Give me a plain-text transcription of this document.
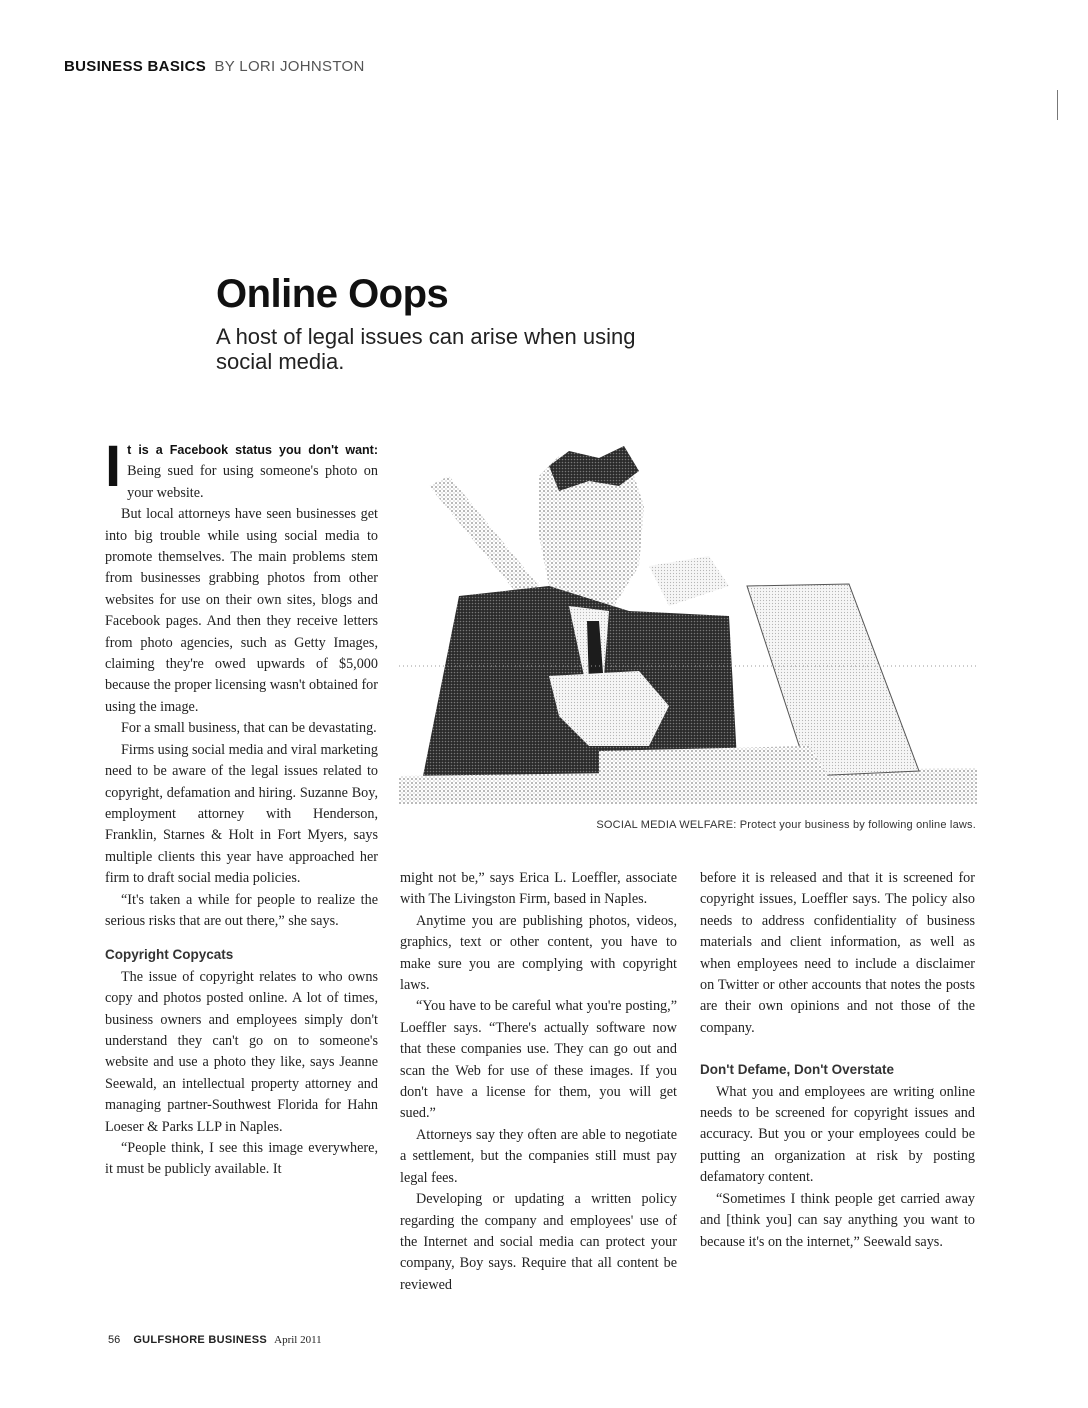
BUSINESS BASICS BY LORI JOHNSTON
Online Oops
A host of legal issues can arise when using social media.

It is a Facebook status you don't want: Being sued for using someone's photo on your website.

But local attorneys have seen businesses get into big trouble while using social media to promote themselves. The main problems stem from businesses grabbing photos from other websites for use on their own sites, blogs and Facebook pages. And then they receive letters from photo agencies, such as Getty Images, claiming they're owed upwards of $5,000 because the proper licensing wasn't obtained for using the image.

For a small business, that can be devastating.

Firms using social media and viral marketing need to be aware of the legal issues related to copyright, defamation and hiring. Suzanne Boy, employment attorney with Henderson, Franklin, Starnes & Holt in Fort Myers, says multiple clients this year have approached her firm to draft social media policies.

“It's taken a while for people to realize the serious risks that are out there,” she says.

Copyright Copycats

The issue of copyright relates to who owns copy and photos posted online. A lot of times, business owners and employees simply don't understand they can't go on to someone's website and use a photo they like, says Jeanne Seewald, an intellectual property attorney and managing partner-Southwest Florida for Hahn Loeser & Parks LLP in Naples.

“People think, I see this image everywhere, it must be publicly available. It

SOCIAL MEDIA WELFARE: Protect your business by following online laws.

might not be,” says Erica L. Loeffler, associate with The Livingston Firm, based in Naples.

Anytime you are publishing photos, videos, graphics, text or other content, you have to make sure you are complying with copyright laws.

“You have to be careful what you're posting,” Loeffler says. “There's actually software now that these companies use. They can go out and scan the Web for use of these images. If you don't have a license for them, you will get sued.”

Attorneys say they often are able to negotiate a settlement, but the companies still must pay legal fees.

Developing or updating a written policy regarding the company and employees' use of the Internet and social media can protect your company, Boy says. Require that all content be reviewed

before it is released and that it is screened for copyright issues, Loeffler says. The policy also needs to address confidentiality of business materials and client information, as well as when employees need to include a disclaimer on Twitter or other accounts that notes the posts are their own opinions and not those of the company.

Don't Defame, Don't Overstate

What you and employees are writing online needs to be screened for copyright issues and accuracy. But you or your employees could be putting an organization at risk by posting defamatory content.

“Sometimes I think people get carried away and [think you] can say anything you want to because it's on the internet,” Seewald says.

56 GULFSHORE BUSINESS April 2011
